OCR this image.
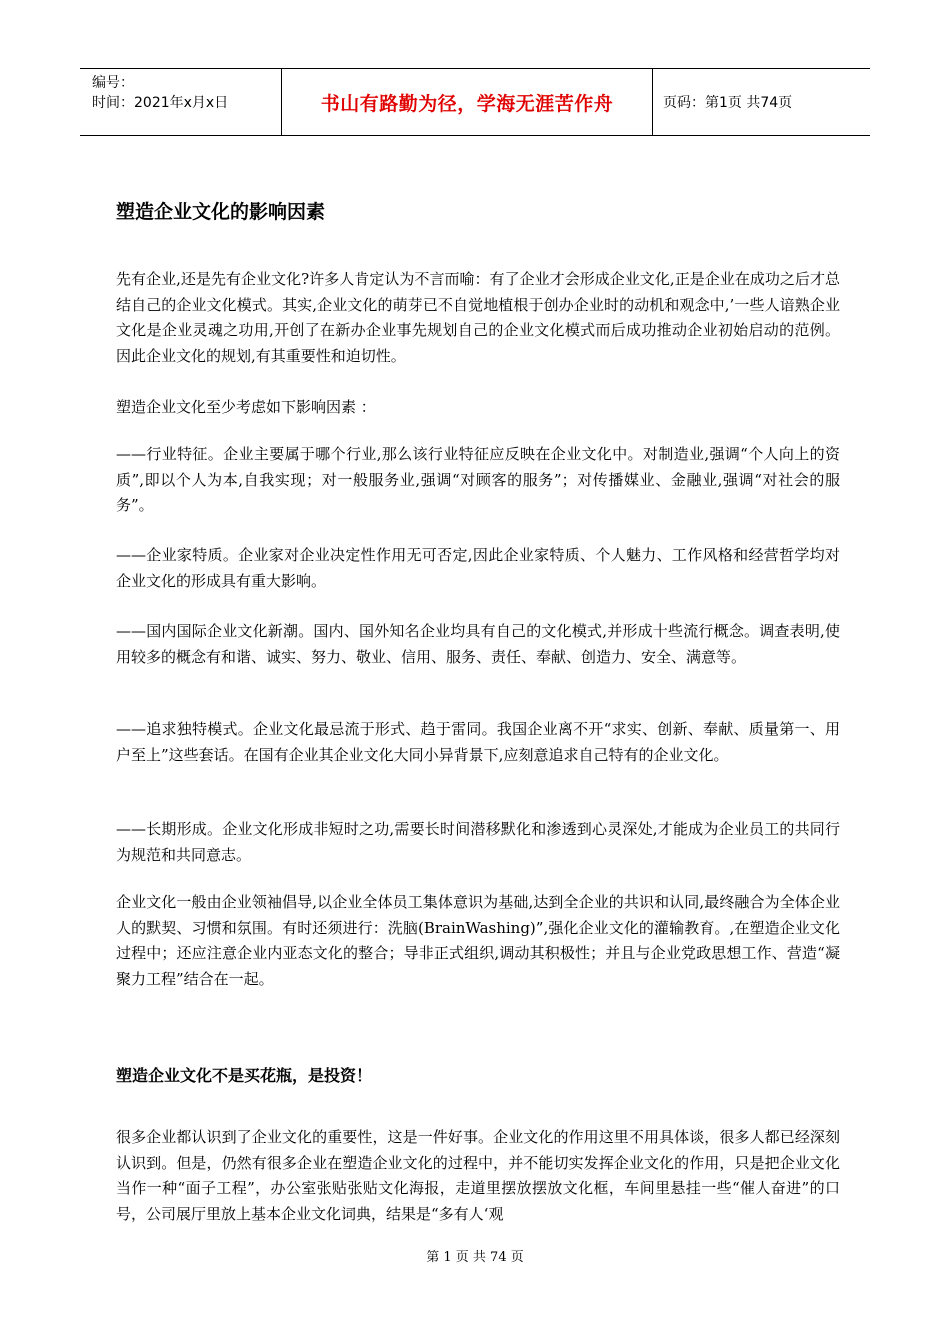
编号：
时间：2021年x月x日	书山有路勤为径，学海无涯苦作舟	页码：第1页 共74页
塑造企业文化的影响因素

先有企业,还是先有企业文化?许多人肯定认为不言而喻：有了企业才会形成企业文化,正是企业在成功之后才总结自己的企业文化模式。其实,企业文化的萌芽已不自觉地植根于创办企业时的动机和观念中,’一些人谙熟企业文化是企业灵魂之功用,开创了在新办企业事先规划自己的企业文化模式而后成功推动企业初始启动的范例。因此企业文化的规划,有其重要性和迫切性。

塑造企业文化至少考虑如下影响因素 ：

——行业特征。企业主要属于哪个行业,那么该行业特征应反映在企业文化中。对制造业,强调“个人向上的资质”,即以个人为本,自我实现；对一般服务业,强调“对顾客的服务”；对传播媒业、金融业,强调“对社会的服务”。

——企业家特质。企业家对企业决定性作用无可否定,因此企业家特质、个人魅力、工作风格和经营哲学均对企业文化的形成具有重大影响。

——国内国际企业文化新潮。国内、国外知名企业均具有自己的文化模式,并形成十些流行概念。调查表明,使用较多的概念有和谐、诚实、努力、敬业、信用、服务、责任、奉献、创造力、安全、满意等。

——追求独特模式。企业文化最忌流于形式、趋于雷同。我国企业离不开“求实、创新、奉献、质量第一、用户至上”这些套话。在国有企业其企业文化大同小异背景下,应刻意追求自己特有的企业文化。

——长期形成。企业文化形成非短时之功,需要长时间潜移默化和渗透到心灵深处,才能成为企业员工的共同行为规范和共同意志。

企业文化一般由企业领袖倡导,以企业全体员工集体意识为基础,达到全企业的共识和认同,最终融合为全体企业人的默契、习惯和氛围。有时还须进行：洗脑(BrainWashing)”,强化企业文化的灌输教育。,在塑造企业文化过程中；还应注意企业内亚态文化的整合；导非正式组织,调动其积极性；并且与企业党政思想工作、营造“凝聚力工程”结合在一起。

塑造企业文化不是买花瓶，是投资！

很多企业都认识到了企业文化的重要性，这是一件好事。企业文化的作用这里不用具体谈，很多人都已经深刻认识到。但是，仍然有很多企业在塑造企业文化的过程中，并不能切实发挥企业文化的作用，只是把企业文化当作一种“面子工程”，办公室张贴张贴文化海报，走道里摆放摆放文化框，车间里悬挂一些“催人奋进”的口号，公司展厅里放上基本企业文化词典，结果是“多有人‘观

第 1 页 共 74 页
